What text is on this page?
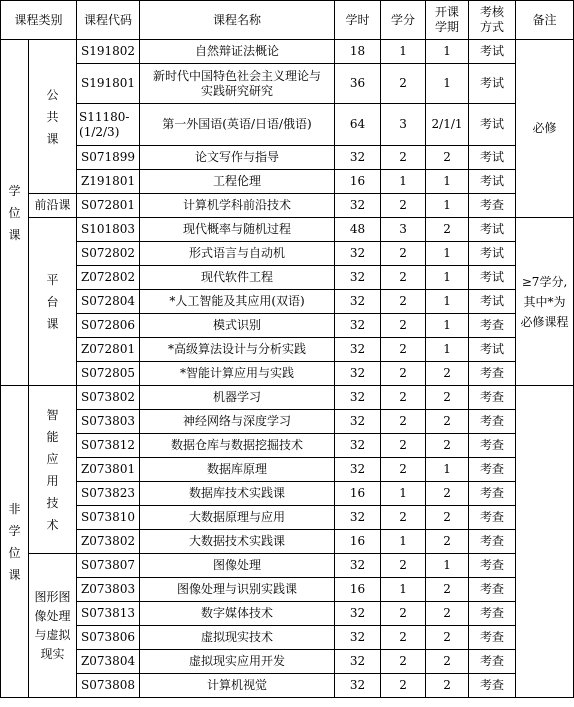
课程类别		课程代码	课程名称	学时	学分	开课学期	考核方式	备注

学位课	公共课	S191802	自然辩证法概论	18	1	1	考试	必修
		S191801	新时代中国特色社会主义理论与实践研究研究	36	2	1	考试	

		S11180-(1/2/3)	第一外国语(英语/日语/俄语)	64	3	2/1/1	考试	
		S071899	论文写作与指导	32	2	2	考试	
		Z191801	工程伦理	16	1	1	考试	
	前沿课	S072801	计算机学科前沿技术	32	2	1	考查	

	平台课	S101803	现代概率与随机过程	48	3	2	考试	≥7学分,其中*为必修课程

		S072802	形式语言与自动机	32	2	1	考试	
		Z072802	现代软件工程	32	2	1	考试	
		S072804	*人工智能及其应用(双语)	32	2	1	考试	
		S072806	模式识别	32	2	1	考查	
		Z072801	*高级算法设计与分析实践	32	2	1	考试	
		S072805	*智能计算应用与实践	32	2	2	考查	

非学位课	智能应用技术	S073802	机器学习	32	2	2	考查	
		S073803	神经网络与深度学习	32	2	2	考查	
		S073812	数据仓库与数据挖掘技术	32	2	2	考查	
		Z073801	数据库原理	32	2	1	考查	
		S073823	数据库技术实践课	16	1	2	考查	
		S073810	大数据原理与应用	32	2	2	考查	
		Z073802	大数据技术实践课	16	1	2	考查	

	图形图像处理与虚拟现实	S073807	图像处理	32	2	1	考查	
		Z073803	图像处理与识别实践课	16	1	2	考查	
		S073813	数字媒体技术	32	2	2	考查	
		S073806	虚拟现实技术	32	2	2	考查	
		Z073804	虚拟现实应用开发	32	2	2	考查	
		S073808	计算机视觉	32	2	2	考查	
